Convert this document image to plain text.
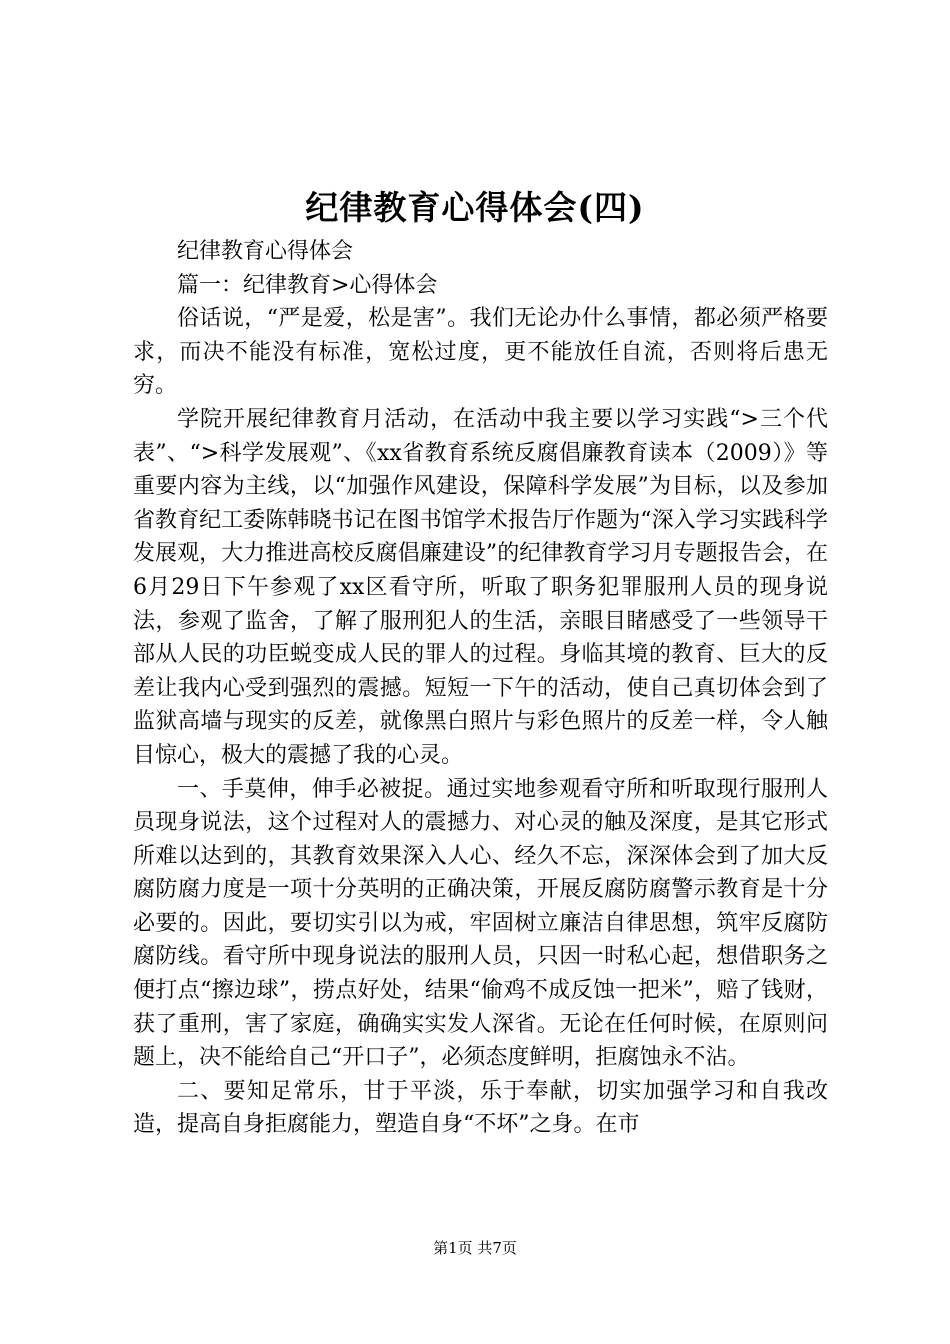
纪律教育心得体会(四)

纪律教育心得体会

篇一：纪律教育>心得体会

俗话说，“严是爱，松是害”。我们无论办什么事情，都必须严格要求，而决不能没有标准，宽松过度，更不能放任自流，否则将后患无穷。

学院开展纪律教育月活动，在活动中我主要以学习实践“>三个代表”、“>科学发展观”、《xx省教育系统反腐倡廉教育读本（2009）》等重要内容为主线，以“加强作风建设，保障科学发展”为目标，以及参加省教育纪工委陈韩晓书记在图书馆学术报告厅作题为“深入学习实践科学发展观，大力推进高校反腐倡廉建设”的纪律教育学习月专题报告会，在6月29日下午参观了xx区看守所，听取了职务犯罪服刑人员的现身说法，参观了监舍，了解了服刑犯人的生活，亲眼目睹感受了一些领导干部从人民的功臣蜕变成人民的罪人的过程。身临其境的教育、巨大的反差让我内心受到强烈的震撼。短短一下午的活动，使自己真切体会到了监狱高墙与现实的反差，就像黑白照片与彩色照片的反差一样，令人触目惊心，极大的震撼了我的心灵。

一、手莫伸，伸手必被捉。通过实地参观看守所和听取现行服刑人员现身说法，这个过程对人的震撼力、对心灵的触及深度，是其它形式所难以达到的，其教育效果深入人心、经久不忘，深深体会到了加大反腐防腐力度是一项十分英明的正确决策，开展反腐防腐警示教育是十分必要的。因此，要切实引以为戒，牢固树立廉洁自律思想，筑牢反腐防腐防线。看守所中现身说法的服刑人员，只因一时私心起，想借职务之便打点“擦边球”，捞点好处，结果“偷鸡不成反蚀一把米”，赔了钱财，获了重刑，害了家庭，确确实实发人深省。无论在任何时候，在原则问题上，决不能给自己“开口子”，必须态度鲜明，拒腐蚀永不沾。

二、要知足常乐，甘于平淡，乐于奉献，切实加强学习和自我改造，提高自身拒腐能力，塑造自身“不坏”之身。在市

第1页 共7页
